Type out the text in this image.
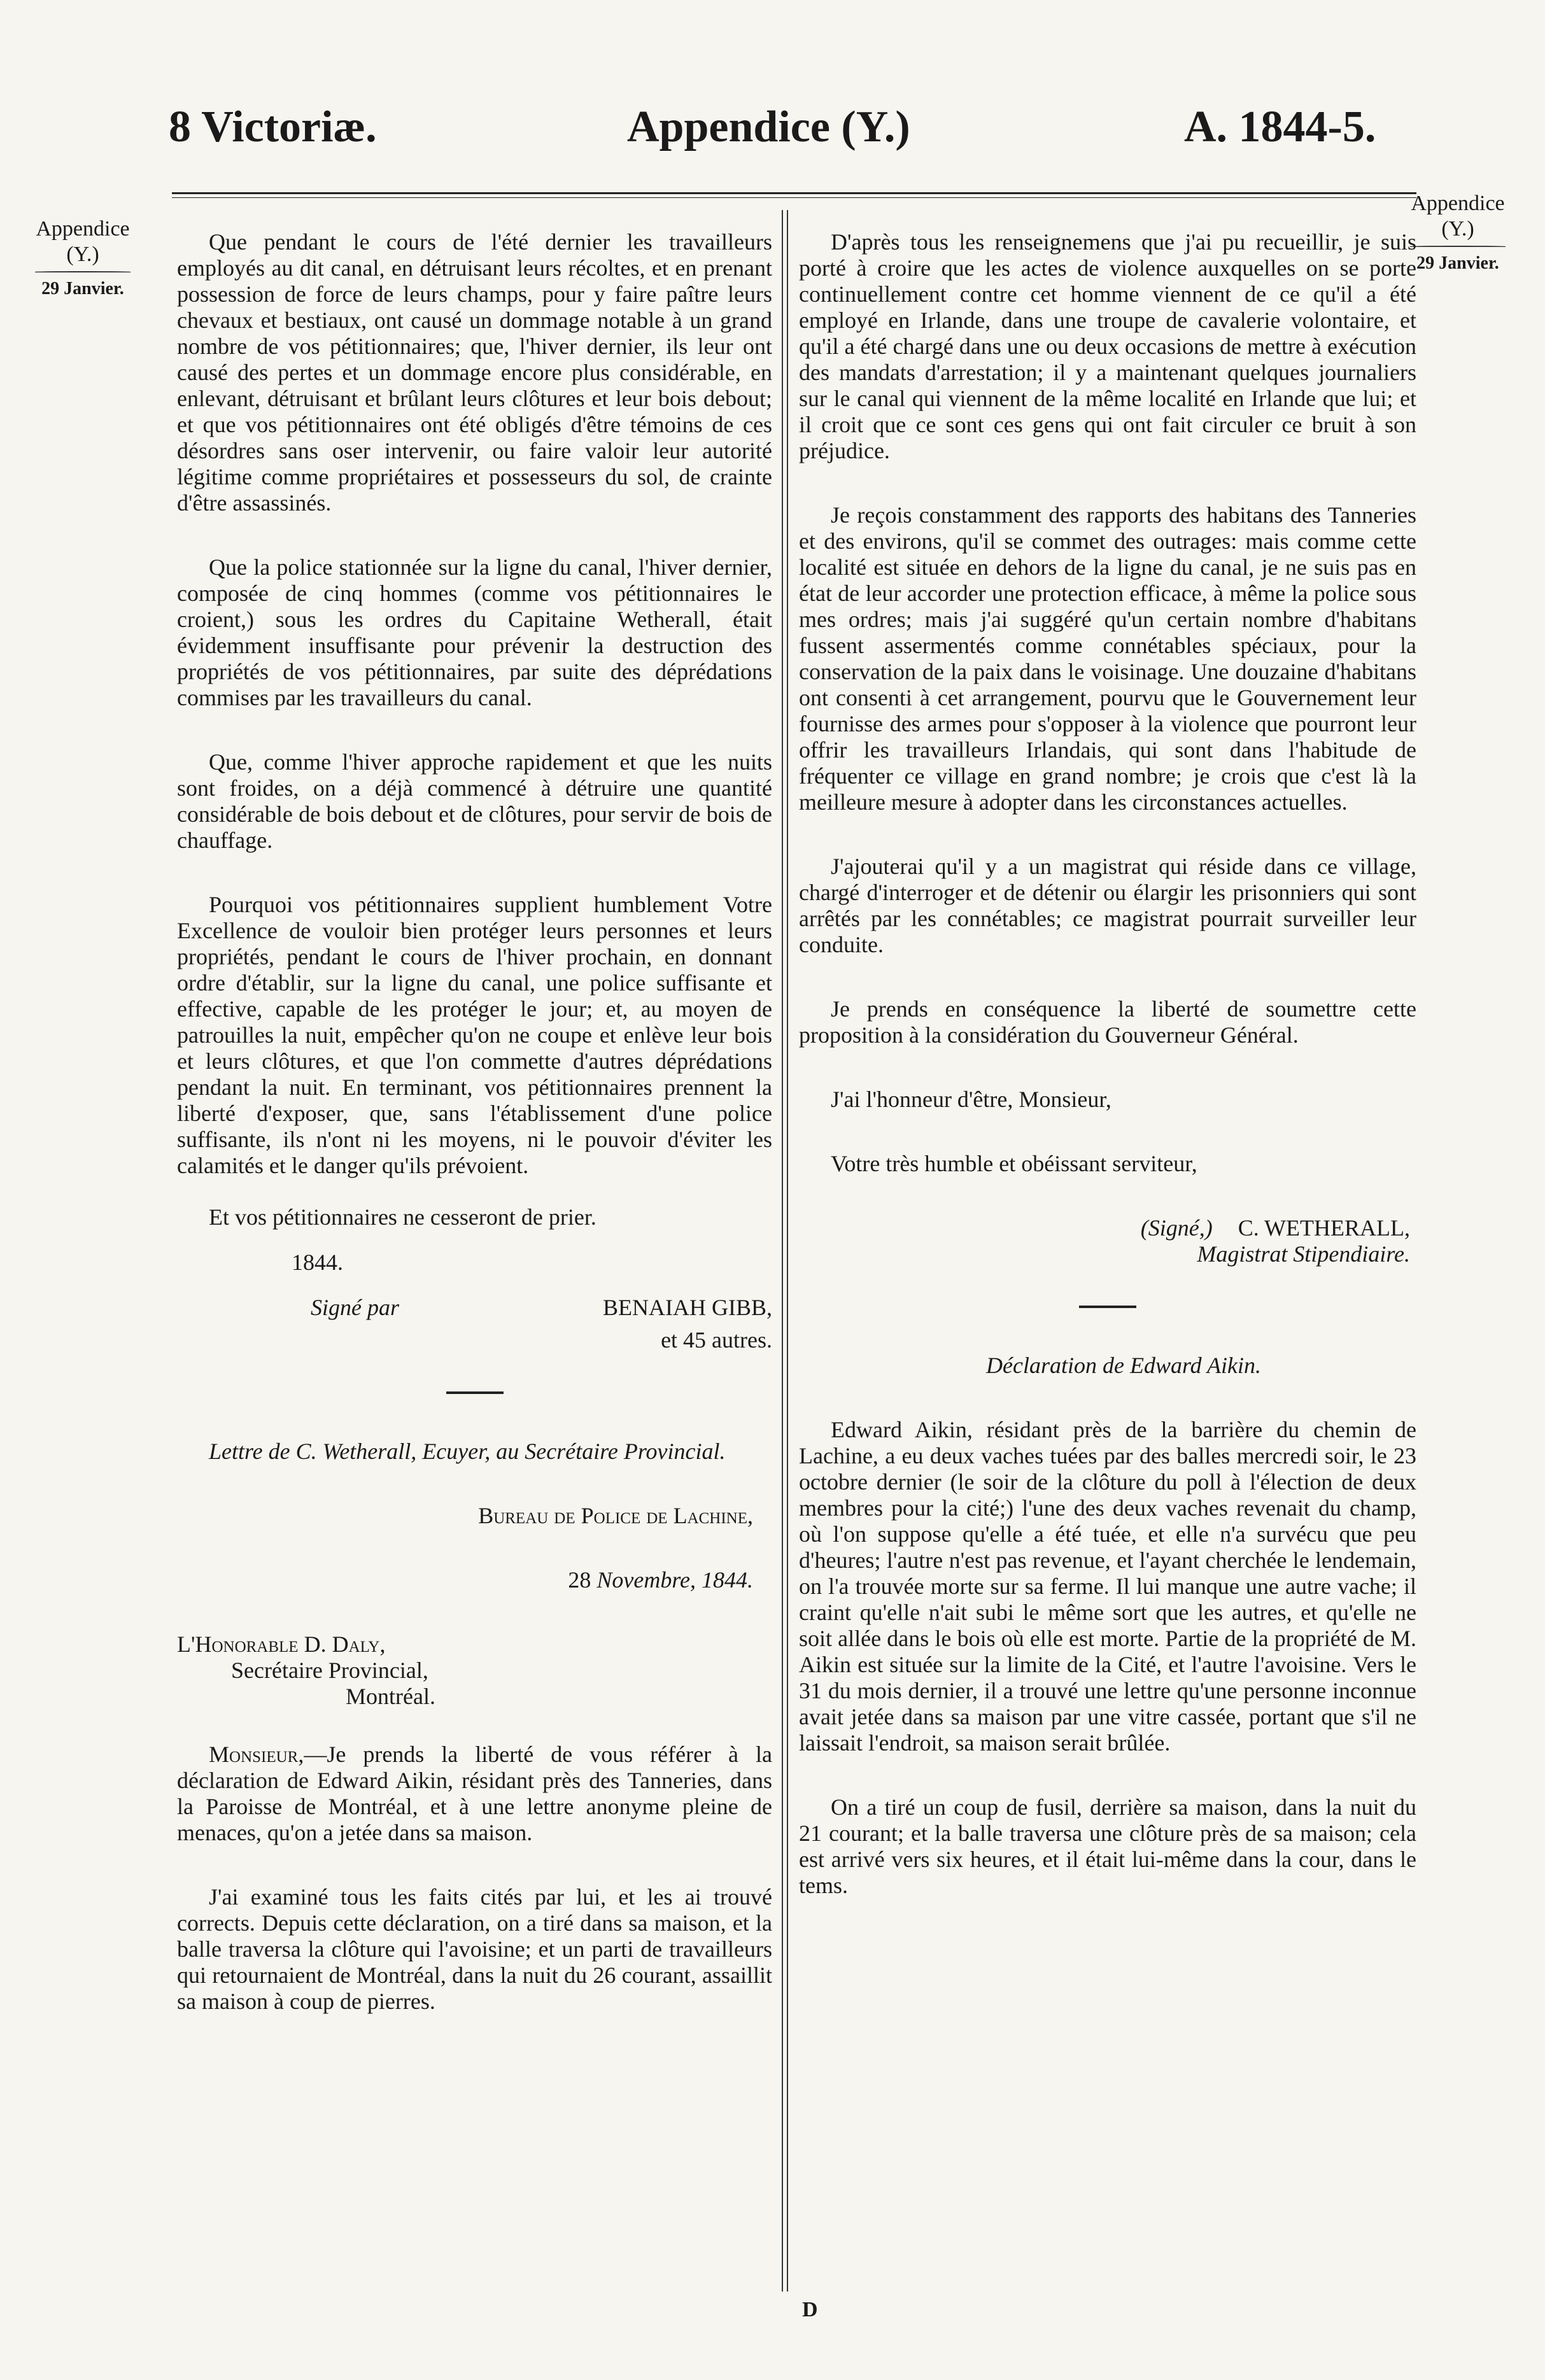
8 Victoriæ.	Appendice (Y.)	A. 1844-5.
Appendice
(Y.)
29 Janvier.
Appendice
(Y.)
29 Janvier.

Que pendant le cours de l'été dernier les travailleurs employés au dit canal, en détruisant leurs récoltes, et en prenant possession de force de leurs champs, pour y faire paître leurs chevaux et bestiaux, ont causé un dommage notable à un grand nombre de vos pétitionnaires; que, l'hiver dernier, ils leur ont causé des pertes et un dommage encore plus considérable, en enlevant, détruisant et brûlant leurs clôtures et leur bois debout; et que vos pétitionnaires ont été obligés d'être témoins de ces désordres sans oser intervenir, ou faire valoir leur autorité légitime comme propriétaires et possesseurs du sol, de crainte d'être assassinés.

Que la police stationnée sur la ligne du canal, l'hiver dernier, composée de cinq hommes (comme vos pétitionnaires le croient,) sous les ordres du Capitaine Wetherall, était évidemment insuffisante pour prévenir la destruction des propriétés de vos pétitionnaires, par suite des déprédations commises par les travailleurs du canal.

Que, comme l'hiver approche rapidement et que les nuits sont froides, on a déjà commencé à détruire une quantité considérable de bois debout et de clôtures, pour servir de bois de chauffage.

Pourquoi vos pétitionnaires supplient humblement Votre Excellence de vouloir bien protéger leurs personnes et leurs propriétés, pendant le cours de l'hiver prochain, en donnant ordre d'établir, sur la ligne du canal, une police suffisante et effective, capable de les protéger le jour; et, au moyen de patrouilles la nuit, empêcher qu'on ne coupe et enlève leur bois et leurs clôtures, et que l'on commette d'autres déprédations pendant la nuit. En terminant, vos pétitionnaires prennent la liberté d'exposer, que, sans l'établissement d'une police suffisante, ils n'ont ni les moyens, ni le pouvoir d'éviter les calamités et le danger qu'ils prévoient.

Et vos pétitionnaires ne cesseront de prier.

1844.
Signé par	BENAIAH GIBB,
et 45 autres.

Lettre de C. Wetherall, Ecuyer, au Secrétaire Provincial.

Bureau de Police de Lachine,

28 Novembre, 1844.

L'Honorable D. Daly,
Secrétaire Provincial,
Montréal.

Monsieur,—Je prends la liberté de vous référer à la déclaration de Edward Aikin, résidant près des Tanneries, dans la Paroisse de Montréal, et à une lettre anonyme pleine de menaces, qu'on a jetée dans sa maison.

J'ai examiné tous les faits cités par lui, et les ai trouvé corrects. Depuis cette déclaration, on a tiré dans sa maison, et la balle traversa la clôture qui l'avoisine; et un parti de travailleurs qui retournaient de Montréal, dans la nuit du 26 courant, assaillit sa maison à coup de pierres.

D'après tous les renseignemens que j'ai pu recueillir, je suis porté à croire que les actes de violence auxquelles on se porte continuellement contre cet homme viennent de ce qu'il a été employé en Irlande, dans une troupe de cavalerie volontaire, et qu'il a été chargé dans une ou deux occasions de mettre à exécution des mandats d'arrestation; il y a maintenant quelques journaliers sur le canal qui viennent de la même localité en Irlande que lui; et il croit que ce sont ces gens qui ont fait circuler ce bruit à son préjudice.

Je reçois constamment des rapports des habitans des Tanneries et des environs, qu'il se commet des outrages: mais comme cette localité est située en dehors de la ligne du canal, je ne suis pas en état de leur accorder une protection efficace, à même la police sous mes ordres; mais j'ai suggéré qu'un certain nombre d'habitans fussent assermentés comme connétables spéciaux, pour la conservation de la paix dans le voisinage. Une douzaine d'habitans ont consenti à cet arrangement, pourvu que le Gouvernement leur fournisse des armes pour s'opposer à la violence que pourront leur offrir les travailleurs Irlandais, qui sont dans l'habitude de fréquenter ce village en grand nombre; je crois que c'est là la meilleure mesure à adopter dans les circonstances actuelles.

J'ajouterai qu'il y a un magistrat qui réside dans ce village, chargé d'interroger et de détenir ou élargir les prisonniers qui sont arrêtés par les connétables; ce magistrat pourrait surveiller leur conduite.

Je prends en conséquence la liberté de soumettre cette proposition à la considération du Gouverneur Général.

J'ai l'honneur d'être, Monsieur,

Votre très humble et obéissant serviteur,

(Signé,) C. WETHERALL,
Magistrat Stipendiaire.

Déclaration de Edward Aikin.

Edward Aikin, résidant près de la barrière du chemin de Lachine, a eu deux vaches tuées par des balles mercredi soir, le 23 octobre dernier (le soir de la clôture du poll à l'élection de deux membres pour la cité;) l'une des deux vaches revenait du champ, où l'on suppose qu'elle a été tuée, et elle n'a survécu que peu d'heures; l'autre n'est pas revenue, et l'ayant cherchée le lendemain, on l'a trouvée morte sur sa ferme. Il lui manque une autre vache; il craint qu'elle n'ait subi le même sort que les autres, et qu'elle ne soit allée dans le bois où elle est morte. Partie de la propriété de M. Aikin est située sur la limite de la Cité, et l'autre l'avoisine. Vers le 31 du mois dernier, il a trouvé une lettre qu'une personne inconnue avait jetée dans sa maison par une vitre cassée, portant que s'il ne laissait l'endroit, sa maison serait brûlée.

On a tiré un coup de fusil, derrière sa maison, dans la nuit du 21 courant; et la balle traversa une clôture près de sa maison; cela est arrivé vers six heures, et il était lui-même dans la cour, dans le tems.

D
